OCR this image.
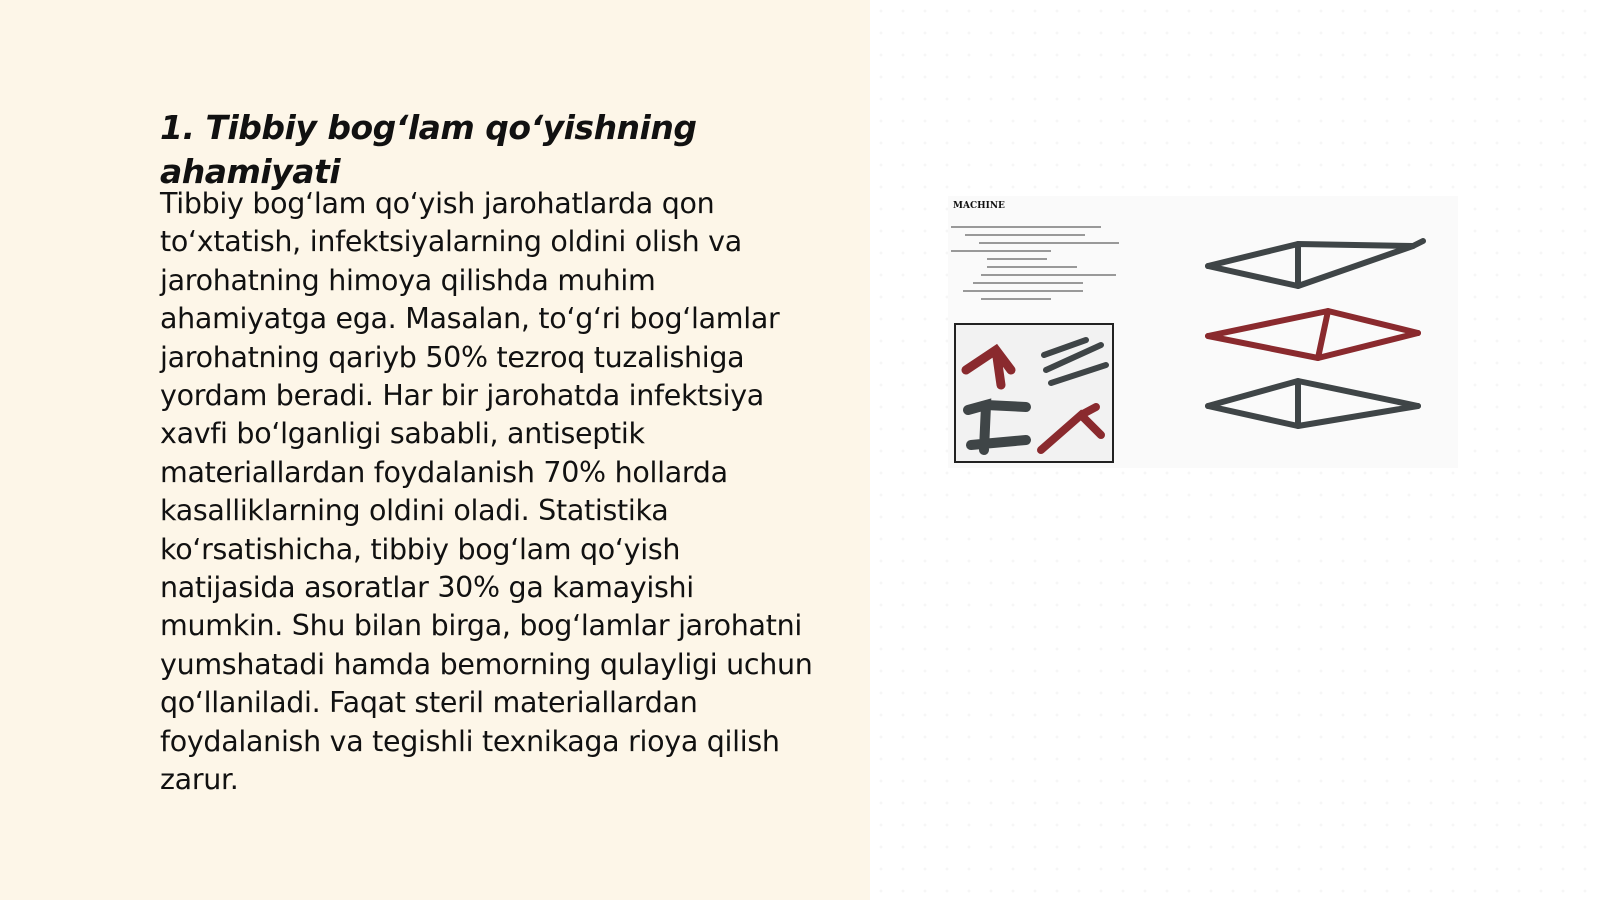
1. Tibbiy bog‘lam qo‘yishning ahamiyati

Tibbiy bog‘lam qo‘yish jarohatlarda qon to‘xtatish, infektsiyalarning oldini olish va jarohatning himoya qilishda muhim ahamiyatga ega. Masalan, to‘g‘ri bog‘lamlar jarohatning qariyb 50% tezroq tuzalishiga yordam beradi. Har bir jarohatda infektsiya xavfi bo‘lganligi sababli, antiseptik materiallardan foydalanish 70% hollarda kasalliklarning oldini oladi. Statistika ko‘rsatishicha, tibbiy bog‘lam qo‘yish natijasida asoratlar 30% ga kamayishi mumkin. Shu bilan birga, bog‘lamlar jarohatni yumshatadi hamda bemorning qulayligi uchun qo‘llaniladi. Faqat steril materiallardan foydalanish va tegishli texnikaga rioya qilish zarur.

MACHINE
